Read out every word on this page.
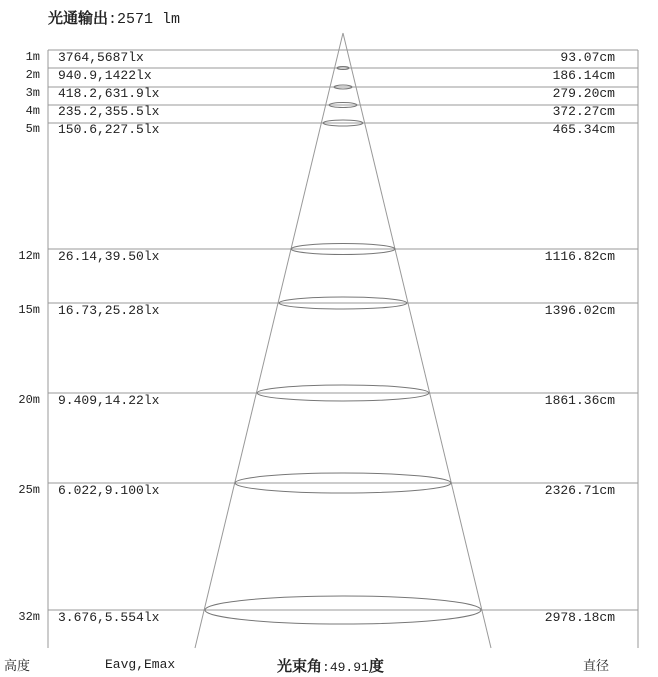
光通输出:2571 lm
1m 3764,5687lx	93.07cm
2m 940.9,1422lx	186.14cm
3m 418.2,631.9lx	279.20cm
4m 235.2,355.5lx	372.27cm
5m 150.6,227.5lx	465.34cm
12m 26.14,39.50lx	1116.82cm
15m 16.73,25.28lx	1396.02cm
20m 9.409,14.22lx	1861.36cm
25m 6.022,9.100lx	2326.71cm
32m 3.676,5.554lx	2978.18cm
高度	Eavg,Emax	光束角:49.91度	直径
